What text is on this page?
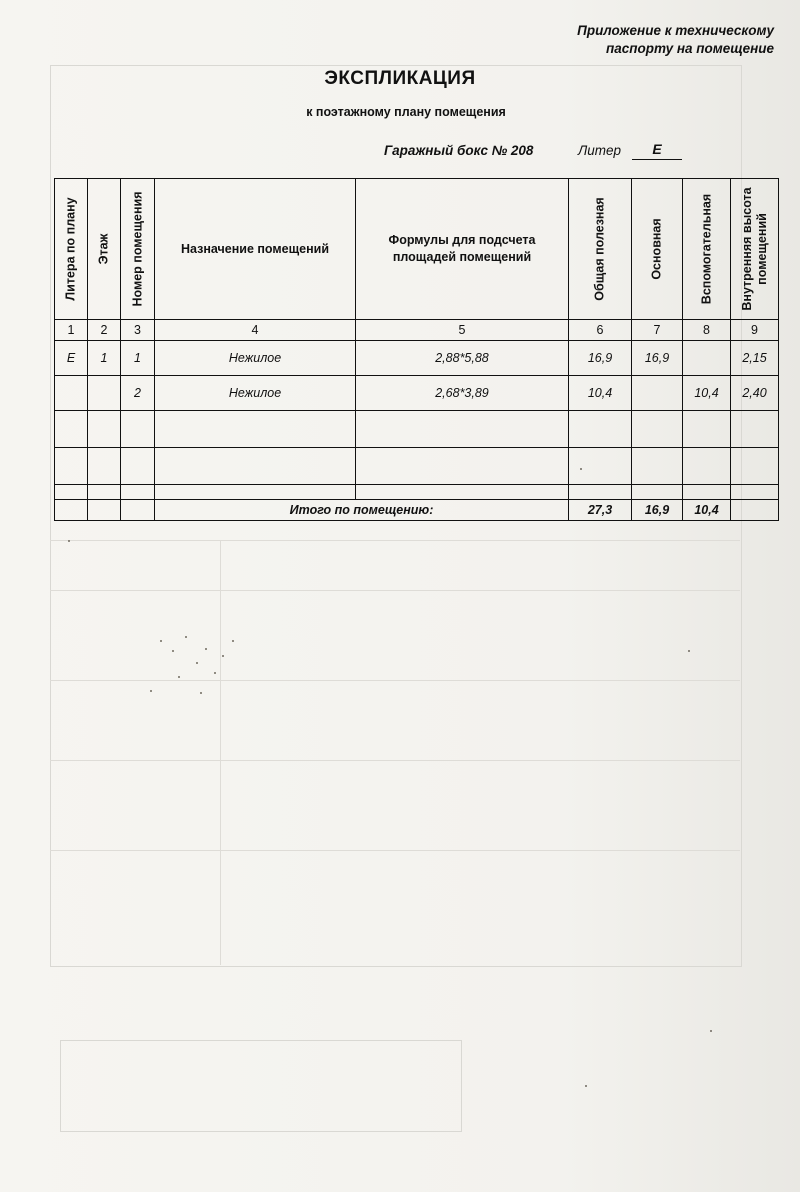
Приложение к техническому
паспорту на помещение
ЭКСПЛИКАЦИЯ
к поэтажному плану помещения
Гаражный бокс № 208	Литер	Е
Литера по плану	Этаж	Номер помещения	Назначение помещений	Формулы для подсчета площадей помещений	Общая полезная	Основная	Вспомогательная	Внутренняя высота помещений

1	2	3	4	5	6	7	8	9
Е	1	1	Нежилое	2,88*5,88	16,9	16,9		2,15
		2	Нежилое	2,68*3,89	10,4		10,4	2,40

			Итого по помещению:		27,3	16,9	10,4	
